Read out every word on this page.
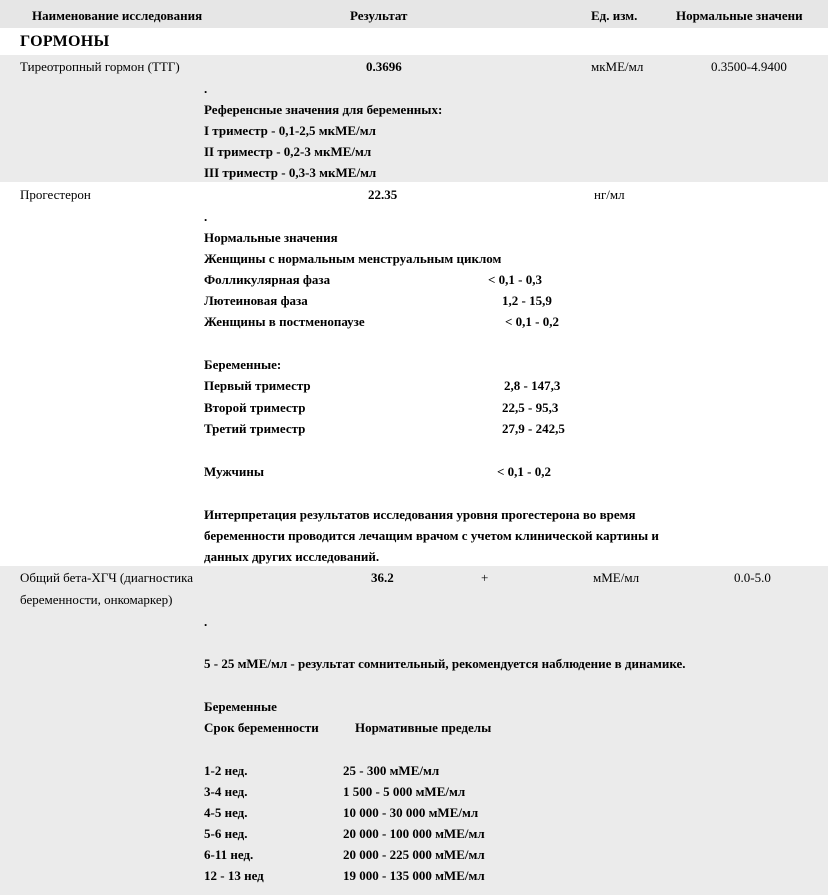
Наименование исследования	Результат	Ед. изм.	Нормальные значени
ГОРМОНЫ
Тиреотропный гормон (ТТГ)	0.3696	мкМЕ/мл	0.3500-4.9400
.
Референсные значения для беременных:
I триместр - 0,1-2,5 мкМЕ/мл
II триместр - 0,2-3 мкМЕ/мл
III триместр - 0,3-3 мкМЕ/мл
Прогестерон	22.35	нг/мл
.
Нормальные значения
Женщины с нормальным менструальным циклом
Фолликулярная фаза	< 0,1 - 0,3
Лютеиновая фаза	1,2 - 15,9
Женщины в постменопаузе	< 0,1 - 0,2
Беременные:
Первый триместр	2,8 - 147,3
Второй триместр	22,5 - 95,3
Третий триместр	27,9 - 242,5
Мужчины	< 0,1 - 0,2
Интерпретация результатов исследования уровня прогестерона во время
беременности проводится лечащим врачом с учетом клинической картины и
данных других исследований.
Общий бета-ХГЧ (диагностика
беременности, онкомаркер)
36.2	+	мМЕ/мл	0.0-5.0
.
5 - 25 мМЕ/мл - результат сомнительный, рекомендуется наблюдение в динамике.
Беременные
Срок беременности	Нормативные пределы
1-2 нед.	25 - 300 мМЕ/мл
3-4 нед.	1 500 - 5 000 мМЕ/мл
4-5 нед.	10 000 - 30 000 мМЕ/мл
5-6 нед.	20 000 - 100 000 мМЕ/мл
6-11 нед.	20 000 - 225 000 мМЕ/мл
12 - 13 нед	19 000 - 135 000 мМЕ/мл
